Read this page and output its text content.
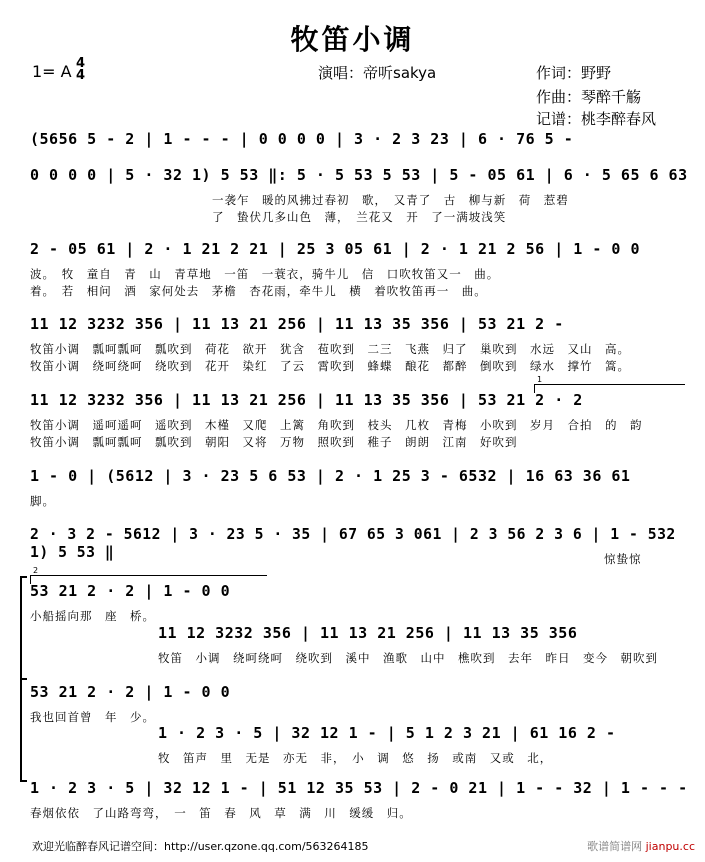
牧笛小调
1= A 4
4	演唱：帝听sakya	作词：野野
作曲：琴醉千觞
记谱：桃李醉春风
(5656 5 - 2 | 1 - - - | 0 0 0 0 | 3 · 2 3 23 | 6 · 76 5 -
0 0 0 0 | 5 · 32 1) 5 53 ‖: 5 · 5 53 5 53 | 5 - 05 61 | 6 · 5 65 6 63
一袭乍　暖的风拂过春初　歌，　又青了　古　柳与新　荷　惹碧
了　蛰伏几多山色　薄，　兰花又　开　了一满坡浅笑
2 - 05 61 | 2 · 1 21 2 21 | 25 3 05 61 | 2 · 1 21 2 56 | 1 - 0 0
波。　牧　童自　青　山　青草地　一笛　一蓑衣，骑牛儿　信　口吹牧笛又一　曲。
着。　若　相问　酒　家何处去　茅檐　杏花雨，牵牛儿　横　着吹牧笛再一　曲。
11 12 3232 356 | 11 13 21 256 | 11 13 35 356 | 53 21 2 -
牧笛小调　瓢呵瓢呵　瓢吹到　荷花　欲开　犹含　苞吹到　二三　飞燕　归了　巢吹到　水远　又山　高。
牧笛小调　绕呵绕呵　绕吹到　花开　染红　了云　霄吹到　蜂蝶　酿花　都醉　倒吹到　绿水　撑竹　篙。
11 12 3232 356 | 11 13 21 256 | 11 13 35 356 | 53 21 2 · 2
牧笛小调　遥呵遥呵　遥吹到　木槿　又爬　上篱　角吹到　枝头　几枚　青梅　小吹到　岁月　合拍　的　韵
牧笛小调　瓢呵瓢呵　瓢吹到　朝阳　又将　万物　照吹到　稚子　朗朗　江南　好吹到
1 - 0 | (5612 | 3 · 23 5 6 53 | 2 · 1 25 3 - 6532 | 16 63 36 61
脚。
2 · 3 2 - 5612 | 3 · 23 5 · 35 | 67 65 3 061 | 2 3 56 2 3 6 | 1 - 532 1) 5 53 ‖	惊蛰惊
53 21 2 · 2 | 1 - 0 0
小船摇向那　座　桥。
11 12 3232 356 | 11 13 21 256 | 11 13 35 356
牧笛　小调　绕呵绕呵　绕吹到　溪中　渔歌　山中　樵吹到　去年　昨日　变今　朝吹到
53 21 2 · 2 | 1 - 0 0
我也回首曾　年　少。
1 · 2 3 · 5 | 32 12 1 - | 5 1 2 3 21 | 61 16 2 -
牧　笛声　里　无是　亦无　非，　小　调　悠　扬　或南　又或　北，
1 · 2 3 · 5 | 32 12 1 - | 51 12 35 53 | 2 - 0 21 | 1 - - 32 | 1 - - -
春烟依依　了山路弯弯，　一　笛　春　风　草　满　川　缓缓　归。
1
2
欢迎光临醉春风记谱空间：http://user.qzone.qq.com/563264185	歌谱简谱网 jianpu.cc
